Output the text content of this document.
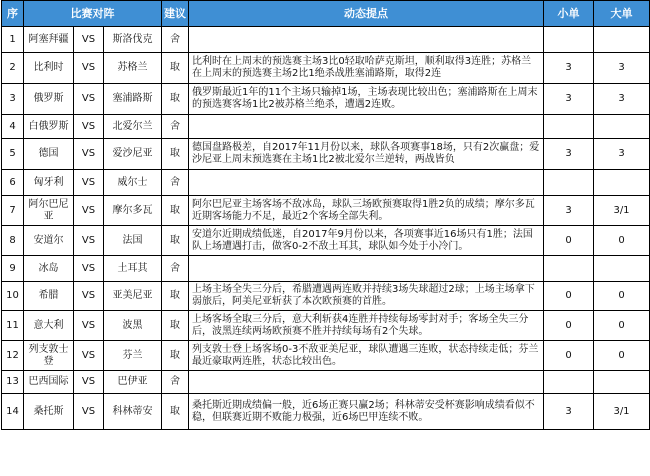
序	比赛对阵			建议	动态提点	小单	大单
1	阿塞拜疆	VS	斯洛伐克	舍			
2	比利时	VS	苏格兰	取	比利时在上周末的预选赛主场3比0轻取哈萨克斯坦，顺利取得3连胜；苏格兰在上周末的预选赛主场2比1绝杀战胜塞浦路斯，取得2连	3	3
3	俄罗斯	VS	塞浦路斯	取	俄罗斯最近1年的11个主场只输掉1场，主场表现比较出色；塞浦路斯在上周末的预选赛客场1比2被苏格兰绝杀，遭遇2连败。	3	3
4	白俄罗斯	VS	北爱尔兰	舍			
5	德国	VS	爱沙尼亚	取	德国盘路极差，自2017年11月份以来，球队各项赛事18场，只有2次赢盘；爱沙尼亚上周末预选赛在主场1比2被北爱尔兰逆转，两战皆负	3	3
6	匈牙利	VS	威尔士	舍			
7	阿尔巴尼亚	VS	摩尔多瓦	取	阿尔巴尼亚主场客场不敌冰岛，球队三场欧预赛取得1胜2负的成绩；摩尔多瓦近期客场能力不足，最近2个客场全部失利。	3	3/1
8	安道尔	VS	法国	取	安道尔近期成绩低迷，自2017年9月份以来，各项赛事近16场只有1胜；法国队上场遭遇打击，做客0-2不敌土耳其，球队如今处于小冷门。	0	0
9	冰岛	VS	土耳其	舍			
10	希腊	VS	亚美尼亚	取	上场主场全失三分后，希腊遭遇两连败并持续3场失球超过2球；上场主场拿下弱旅后，阿美尼亚斩获了本次欧预赛的首胜。	0	0
11	意大利	VS	波黑	取	上场客场全取三分后，意大利斩获4连胜并持续每场零封对手；客场全失三分后，波黑连续两场欧预赛不胜并持续每场有2个失球。	0	0
12	列支敦士登	VS	芬兰	取	列支敦士登上场客场0-3不敌亚美尼亚，球队遭遇三连败，状态持续走低；芬兰最近豪取两连胜，状态比较出色。	0	0
13	巴西国际	VS	巴伊亚	舍			
14	桑托斯	VS	科林蒂安	取	桑托斯近期成绩偏一般，近6场正赛只赢2场；科林蒂安受杯赛影响成绩看似不稳，但联赛近期不败能力极强，近6场巴甲连续不败。	3	3/1
